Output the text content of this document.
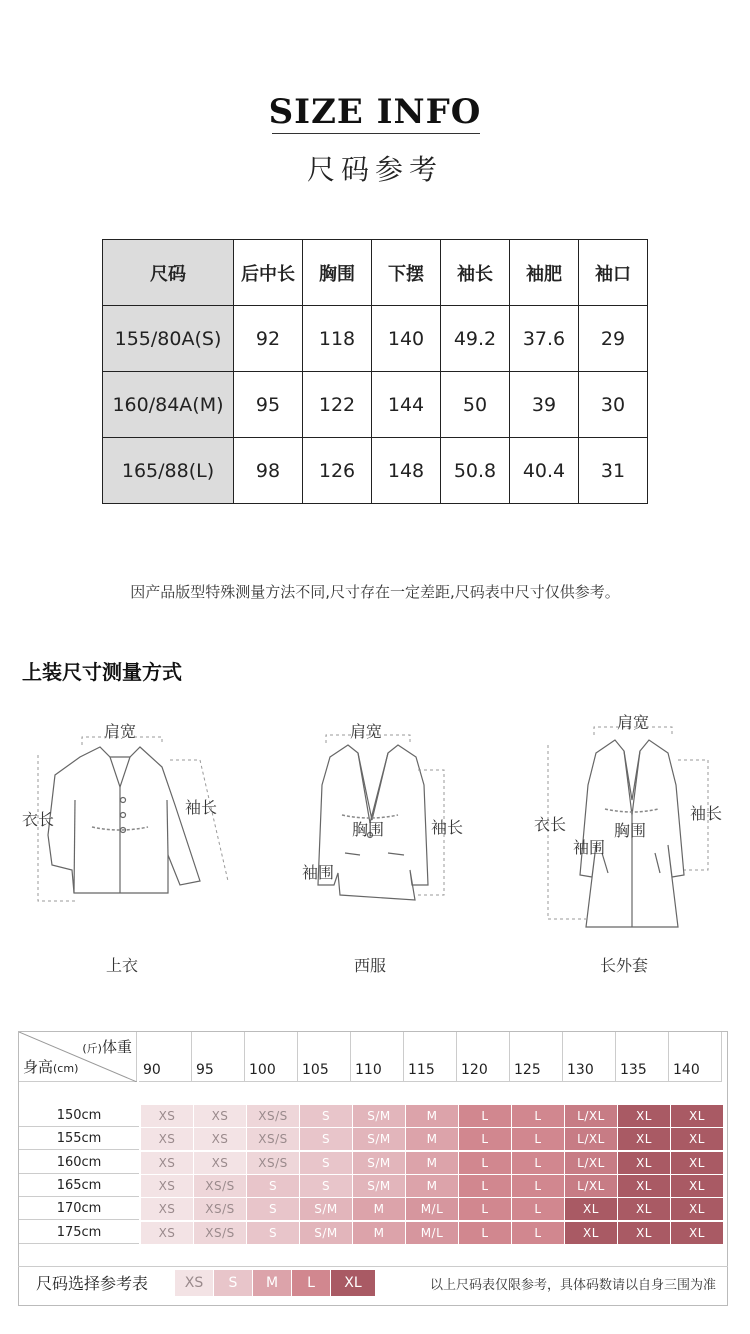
SIZE INFO
尺码参考
尺码	后中长	胸围	下摆	袖长	袖肥	袖口
155/80A(S)	92	118	140	49.2	37.6	29
160/84A(M)	95	122	144	50	39	30
165/88(L)	98	126	148	50.8	40.4	31
因产品版型特殊测量方法不同,尺寸存在一定差距,尺码表中尺寸仅供参考。
上装尺寸测量方式
肩宽
衣长
袖长
上衣
肩宽
胸围	袖长
袖围
西服
肩宽
衣长	胸围
袖长
袖围
长外套
(斤)体重
身高(cm)	90	95	100 105 110 115 120 125 130 135 140
150cm	XS	XS	XS/S	S	S/M	M	L	L	L/XL	XL	XL
155cm	XS	XS	XS/S	S	S/M	M	L	L	L/XL	XL	XL
160cm	XS	XS	XS/S	S	S/M	M	L	L	L/XL	XL	XL
165cm	XS	XS/S	S	S	S/M	M	L	L	L/XL	XL	XL
170cm	XS	XS/S	S	S/M	M	M/L	L	L	XL	XL	XL
175cm	XS	XS/S	S	S/M	M	M/L	L	L	XL	XL	XL
尺码选择参考表	以上尺码表仅限参考，具体码数请以自身三围为准
XS	S	M	L	XL
